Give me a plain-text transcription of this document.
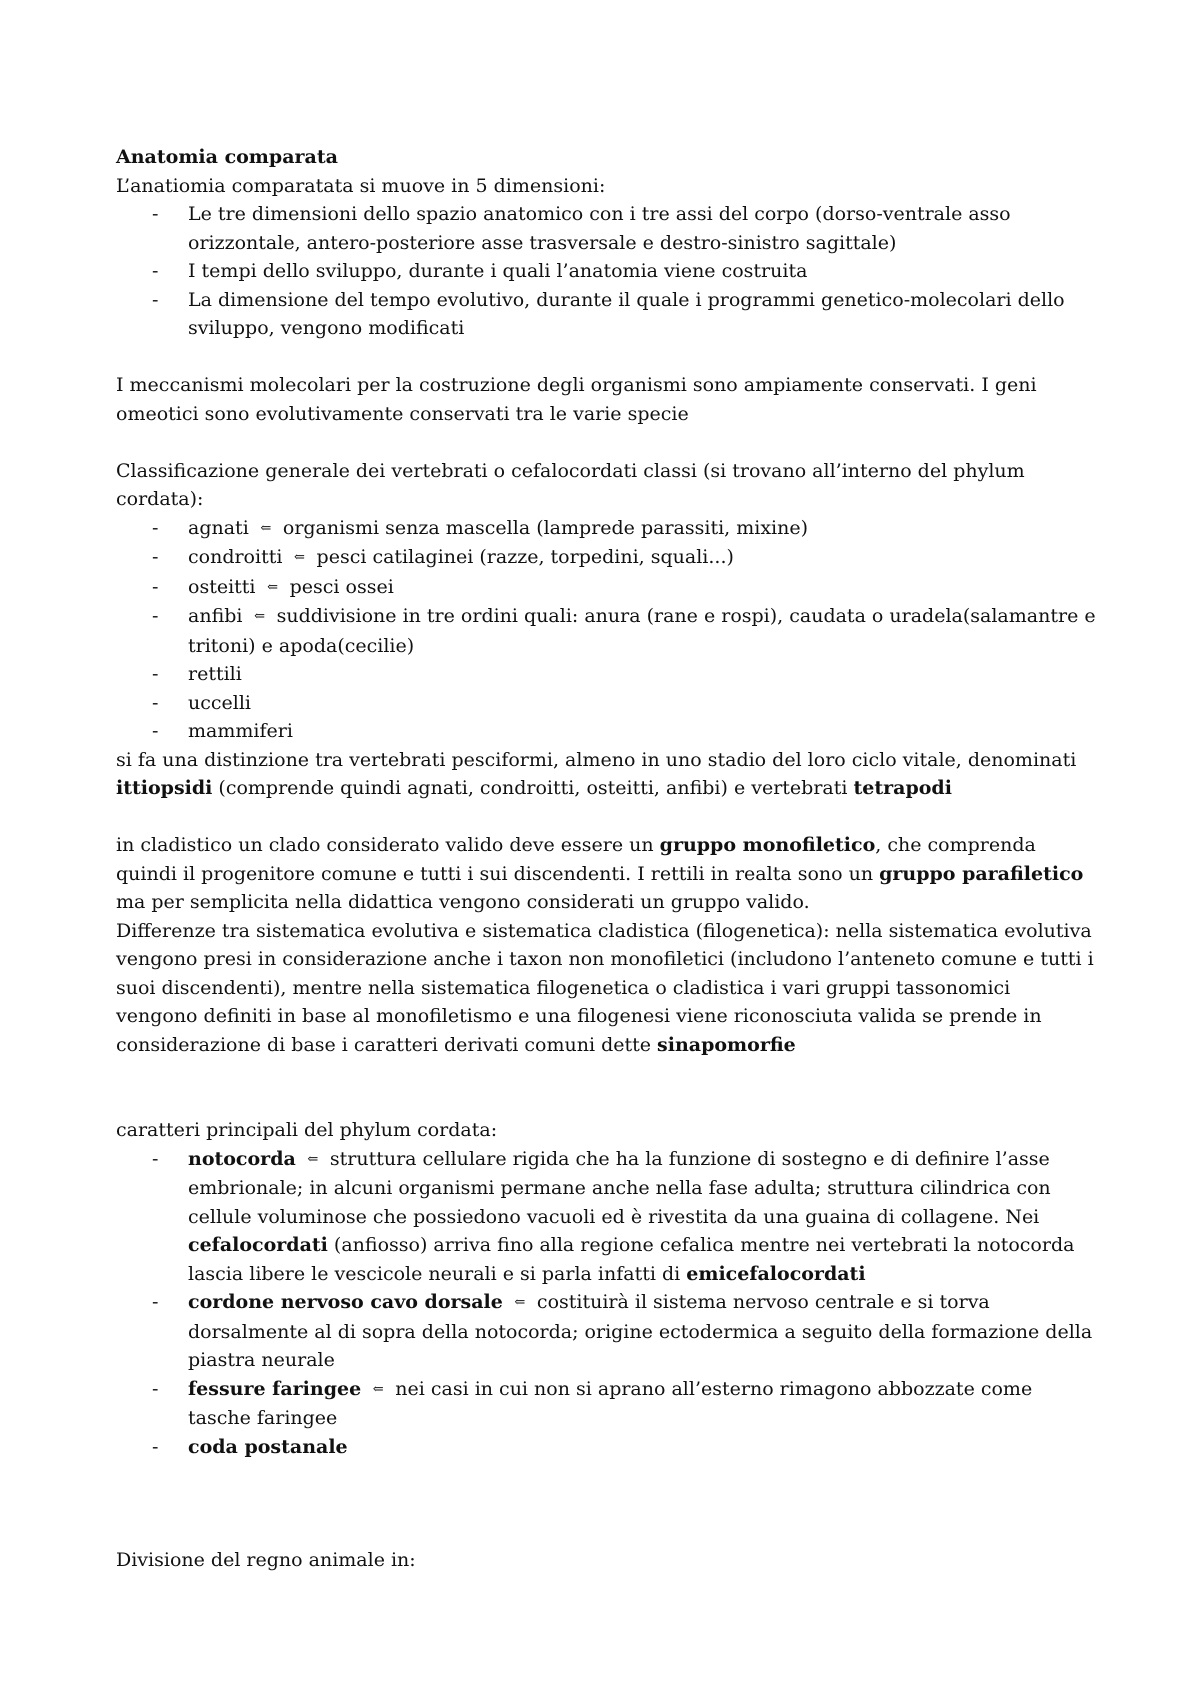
Anatomia comparata
L’anatiomia comparatata si muove in 5 dimensioni:
- Le tre dimensioni dello spazio anatomico con i tre assi del corpo (dorso-ventrale asso orizzontale, antero-posteriore asse trasversale e destro-sinistro sagittale)
- I tempi dello sviluppo, durante i quali l’anatomia viene costruita
- La dimensione del tempo evolutivo, durante il quale i programmi genetico-molecolari dello sviluppo, vengono modificati
I meccanismi molecolari per la costruzione degli organismi sono ampiamente conservati. I geni omeotici sono evolutivamente conservati tra le varie specie
Classificazione generale dei vertebrati o cefalocordati classi (si trovano all’interno del phylum cordata):
- agnati ⇐ organismi senza mascella (lamprede parassiti, mixine)
- condroitti ⇐ pesci catilaginei (razze, torpedini, squali...)
- osteitti ⇐ pesci ossei
- anfibi ⇐ suddivisione in tre ordini quali: anura (rane e rospi), caudata o uradela(salamantre e tritoni) e apoda(cecilie)
- rettili
- uccelli
- mammiferi
si fa una distinzione tra vertebrati pesciformi, almeno in uno stadio del loro ciclo vitale, denominati ittiopsidi (comprende quindi agnati, condroitti, osteitti, anfibi) e vertebrati tetrapodi
in cladistico un clado considerato valido deve essere un gruppo monofiletico, che comprenda quindi il progenitore comune e tutti i sui discendenti. I rettili in realta sono un gruppo parafiletico ma per semplicita nella didattica vengono considerati un gruppo valido.
Differenze tra sistematica evolutiva e sistematica cladistica (filogenetica): nella sistematica evolutiva vengono presi in considerazione anche i taxon non monofiletici (includono l’anteneto comune e tutti i suoi discendenti), mentre nella sistematica filogenetica o cladistica i vari gruppi tassonomici vengono definiti in base al monofiletismo e una filogenesi viene riconosciuta valida se prende in considerazione di base i caratteri derivati comuni dette sinapomorfie
caratteri principali del phylum cordata:
- notocorda ⇐ struttura cellulare rigida che ha la funzione di sostegno e di definire l’asse embrionale; in alcuni organismi permane anche nella fase adulta; struttura cilindrica con cellule voluminose che possiedono vacuoli ed è rivestita da una guaina di collagene. Nei cefalocordati (anfiosso) arriva fino alla regione cefalica mentre nei vertebrati la notocorda lascia libere le vescicole neurali e si parla infatti di emicefalocordati
- cordone nervoso cavo dorsale ⇐ costituirà il sistema nervoso centrale e si torva dorsalmente al di sopra della notocorda; origine ectodermica a seguito della formazione della piastra neurale
- fessure faringee ⇐ nei casi in cui non si aprano all’esterno rimagono abbozzate come tasche faringee
- coda postanale
Divisione del regno animale in:
